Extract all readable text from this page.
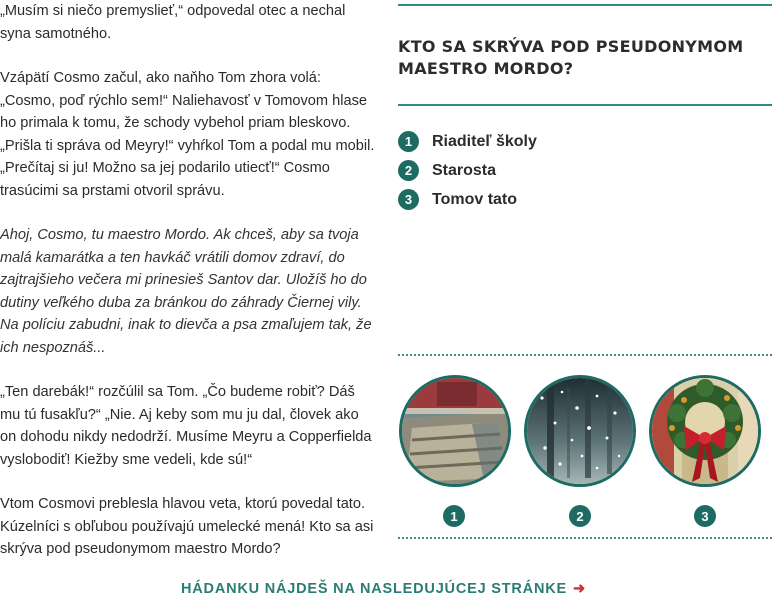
„Musím si niečo premyslieť,“ odpovedal otec a nechal syna samotného.

Vzápätí Cosmo začul, ako naňho Tom zhora volá: „Cosmo, poď rýchlo sem!“ Naliehavosť v Tomovom hlase ho primala k tomu, že schody vybehol priam bleskovo. „Prišla ti správa od Meyry!“ vyhŕkol Tom a podal mu mobil. „Prečítaj si ju! Možno sa jej podarilo utiecť!“ Cosmo trasúcimi sa prstami otvoril správu.

Ahoj, Cosmo, tu maestro Mordo. Ak chceš, aby sa tvoja malá kamarátka a ten havkáč vrátili domov zdraví, do zajtrajšieho večera mi prinesieš Santov dar. Uložíš ho do dutiny veľkého duba za bránkou do záhrady Čiernej vily. Na políciu zabudni, inak to dievča a psa zmaľujem tak, že ich nespoznáš...

„Ten darebák!“ rozčúlil sa Tom. „Čo budeme robiť? Dáš mu tú fusakľu?“ „Nie. Aj keby som mu ju dal, človek ako on dohodu nikdy nedodrží. Musíme Meyru a Copperfielda vyslobodiť! Kiežby sme vedeli, kde sú!“

Vtom Cosmovi preblesla hlavou veta, ktorú povedal tato. Kúzelníci s obľubou používajú umelecké mená! Kto sa asi skrýva pod pseudonymom maestro Mordo?

KTO SA SKRÝVA POD PSEUDONYMOM MAESTRO MORDO?
1	Riaditeľ školy
2	Starosta
3	Tomov tato
1	2	3
HÁDANKU NÁJDEŠ NA NASLEDUJÚCEJ STRÁNKE ➜
